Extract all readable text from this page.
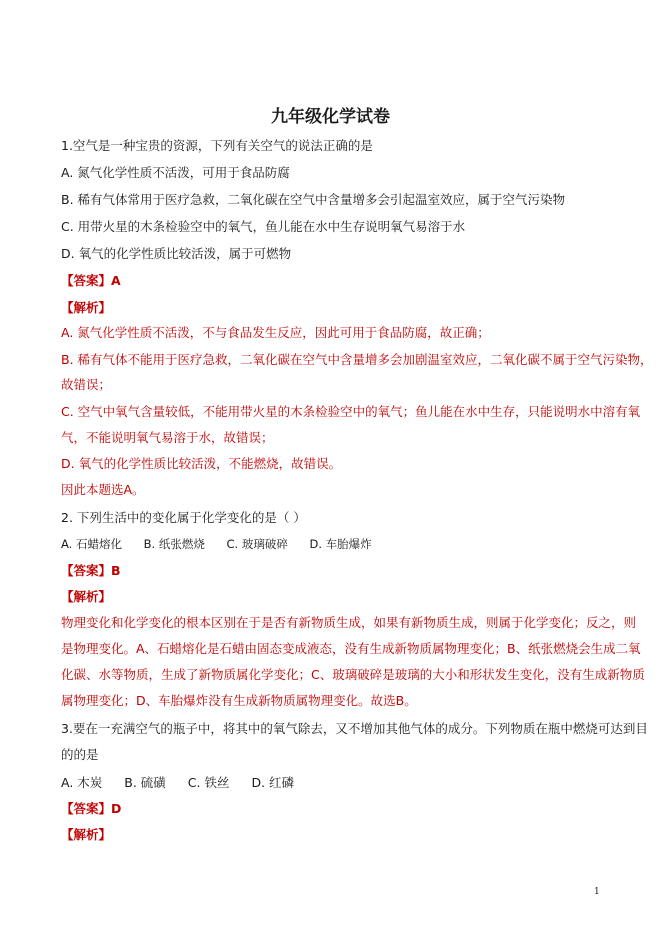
九年级化学试卷
1.空气是一种宝贵的资源，下列有关空气的说法正确的是
A. 氮气化学性质不活泼，可用于食品防腐
B. 稀有气体常用于医疗急救，二氧化碳在空气中含量增多会引起温室效应，属于空气污染物
C. 用带火星的木条检验空中的氧气，鱼儿能在水中生存说明氧气易溶于水
D. 氧气的化学性质比较活泼，属于可燃物
【答案】A
【解析】
A. 氮气化学性质不活泼，不与食品发生反应，因此可用于食品防腐，故正确；
B. 稀有气体不能用于医疗急救，二氧化碳在空气中含量增多会加剧温室效应，二氧化碳不属于空气污染物，
故错误；
C. 空气中氧气含量较低，不能用带火星的木条检验空中的氧气；鱼儿能在水中生存，只能说明水中溶有氧
气，不能说明氧气易溶于水，故错误；
D. 氧气的化学性质比较活泼，不能燃烧，故错误。
因此本题选A。
2. 下列生活中的变化属于化学变化的是（ ）
A. 石蜡熔化 B. 纸张燃烧 C. 玻璃破碎 D. 车胎爆炸
【答案】B
【解析】
物理变化和化学变化的根本区别在于是否有新物质生成，如果有新物质生成，则属于化学变化；反之，则
是物理变化。A、石蜡熔化是石蜡由固态变成液态，没有生成新物质属物理变化；B、纸张燃烧会生成二氧
化碳、水等物质，生成了新物质属化学变化；C、玻璃破碎是玻璃的大小和形状发生变化，没有生成新物质
属物理变化；D、车胎爆炸没有生成新物质属物理变化。故选B。
3.要在一充满空气的瓶子中，将其中的氧气除去，又不增加其他气体的成分。下列物质在瓶中燃烧可达到目
的的是
A. 木炭 B. 硫磺 C. 铁丝 D. 红磷
【答案】D
【解析】
1
